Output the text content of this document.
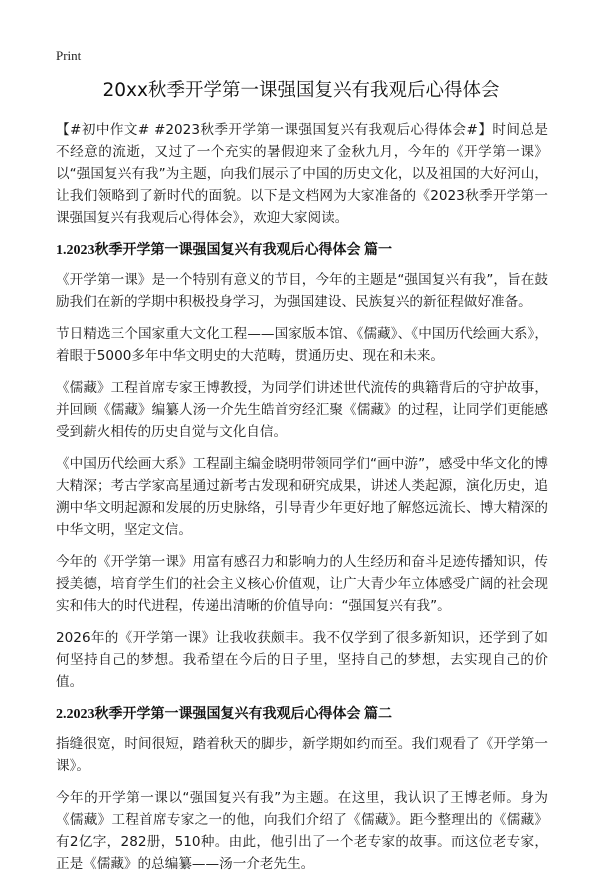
Print
20xx秋季开学第一课强国复兴有我观后心得体会

【#初中作文# #2023秋季开学第一课强国复兴有我观后心得体会#】时间总是不经意的流逝，又过了一个充实的暑假迎来了金秋九月，今年的《开学第一课》以“强国复兴有我”为主题，向我们展示了中国的历史文化，以及祖国的大好河山，让我们领略到了新时代的面貌。以下是文档网为大家准备的《2023秋季开学第一课强国复兴有我观后心得体会》，欢迎大家阅读。

1.2023秋季开学第一课强国复兴有我观后心得体会 篇一

《开学第一课》是一个特别有意义的节目，今年的主题是“强国复兴有我”，旨在鼓励我们在新的学期中积极投身学习，为强国建设、民族复兴的新征程做好准备。

节日精选三个国家重大文化工程——国家版本馆、《儒藏》、《中国历代绘画大系》，着眼于5000多年中华文明史的大范畴，贯通历史、现在和未来。

《儒藏》工程首席专家王博教授，为同学们讲述世代流传的典籍背后的守护故事，并回顾《儒藏》编纂人汤一介先生皓首穷经汇聚《儒藏》的过程，让同学们更能感受到薪火相传的历史自觉与文化自信。

《中国历代绘画大系》工程副主编金晓明带领同学们“画中游”，感受中华文化的博大精深；考古学家高星通过新考古发现和研究成果，讲述人类起源，演化历史，追溯中华文明起源和发展的历史脉络，引导青少年更好地了解悠远流长、博大精深的中华文明，坚定文信。

今年的《开学第一课》用富有感召力和影响力的人生经历和奋斗足迹传播知识，传授美德，培育学生们的社会主义核心价值观，让广大青少年立体感受广阔的社会现实和伟大的时代进程，传递出清晰的价值导向：“强国复兴有我”。

2026年的《开学第一课》让我收获颇丰。我不仅学到了很多新知识，还学到了如何坚持自己的梦想。我希望在今后的日子里，坚持自己的梦想，去实现自己的价值。

2.2023秋季开学第一课强国复兴有我观后心得体会 篇二

指缝很宽，时间很短，踏着秋天的脚步，新学期如约而至。我们观看了《开学第一课》。

今年的开学第一课以“强国复兴有我”为主题。在这里，我认识了王博老师。身为《儒藏》工程首席专家之一的他，向我们介绍了《儒藏》。距今整理出的《儒藏》有2亿字，282册，510种。由此，他引出了一个老专家的故事。而这位老专家，正是《儒藏》的总编纂——汤一介老先生。
